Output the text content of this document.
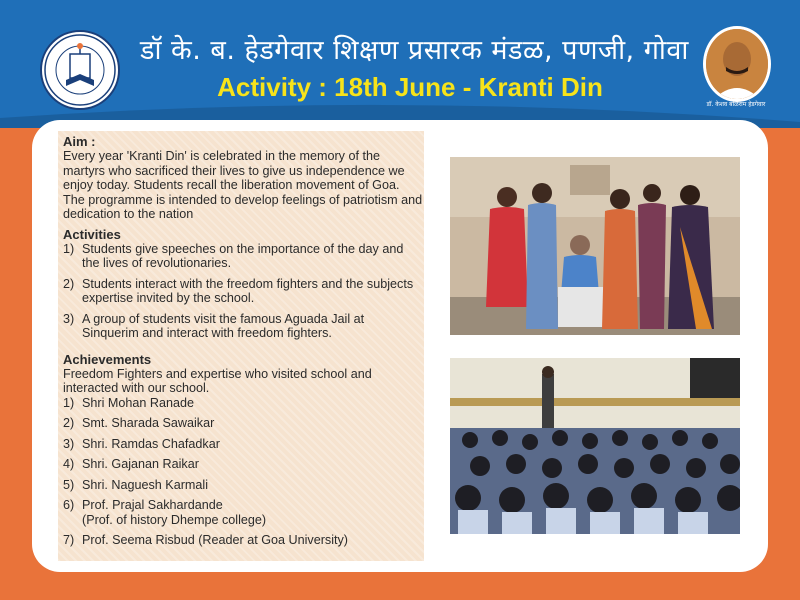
डॉ के. ब. हेडगेवार शिक्षण प्रसारक मंडळ, पणजी, गोवा
Activity : 18th June - Kranti Din
डॉ. केशव बळिराम हेडगेवार
Aim :

Every year 'Kranti Din' is celebrated in the memory of the martyrs who sacrificed their lives to give us independence we enjoy today. Students recall the liberation movement of Goa. The programme is intended to develop feelings of patriotism and dedication to the nation

Activities
1) Students give speeches on the importance of the day and the lives of revolutionaries.
2) Students interact with the freedom fighters and the subjects expertise invited by the school.
3) A group of students visit the famous Aguada Jail at Sinquerim and interact with freedom fighters.
Achievements

Freedom Fighters and expertise who visited school and interacted with our school.

1) Shri Mohan Ranade
2) Smt. Sharada Sawaikar
3) Shri. Ramdas Chafadkar
4) Shri. Gajanan Raikar
5) Shri. Naguesh Karmali
6) Prof. Prajal Sakhardande
(Prof. of history Dhempe college)
7) Prof. Seema Risbud (Reader at Goa University)
